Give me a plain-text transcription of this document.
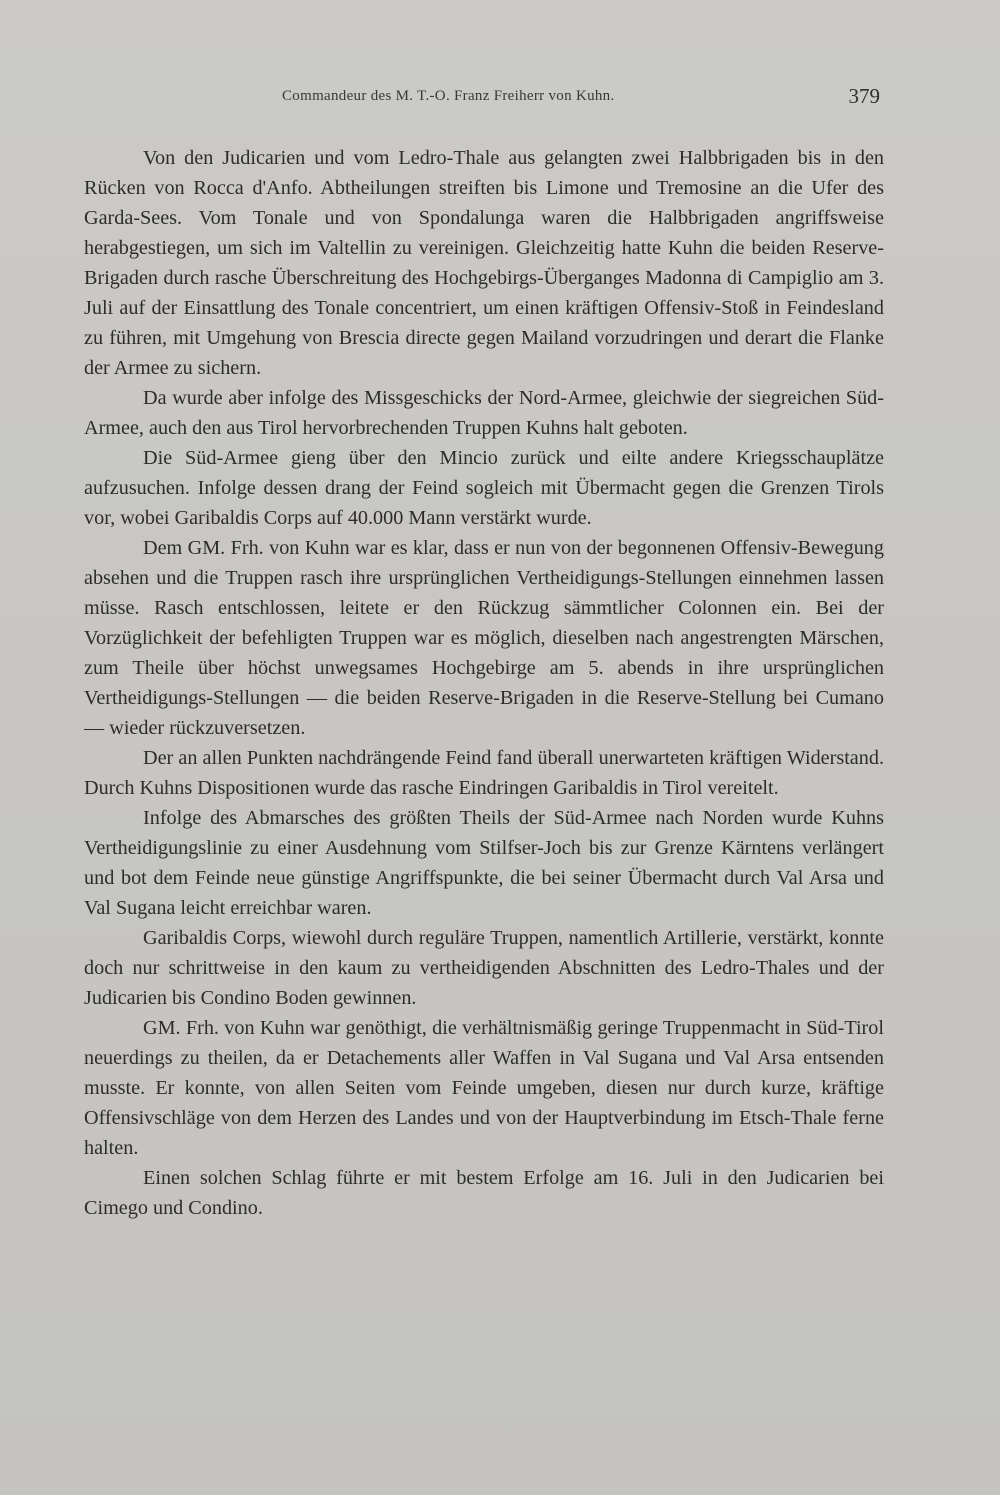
Commandeur des M. T.-O. Franz Freiherr von Kuhn.	379

Von den Judicarien und vom Ledro-Thale aus gelangten zwei Halbbrigaden bis in den Rücken von Rocca d'Anfo. Abtheilungen streiften bis Limone und Tremosine an die Ufer des Garda-Sees. Vom Tonale und von Spondalunga waren die Halbbrigaden angriffsweise herabgestiegen, um sich im Valtellin zu vereinigen. Gleichzeitig hatte Kuhn die beiden Reserve-Brigaden durch rasche Überschreitung des Hochgebirgs-Überganges Madonna di Campiglio am 3. Juli auf der Einsattlung des Tonale concentriert, um einen kräftigen Offensiv-Stoß in Feindesland zu führen, mit Umgehung von Brescia directe gegen Mailand vorzudringen und derart die Flanke der Armee zu sichern.

Da wurde aber infolge des Missgeschicks der Nord-Armee, gleichwie der siegreichen Süd-Armee, auch den aus Tirol hervorbrechenden Truppen Kuhns halt geboten.

Die Süd-Armee gieng über den Mincio zurück und eilte andere Kriegsschauplätze aufzusuchen. Infolge dessen drang der Feind sogleich mit Übermacht gegen die Grenzen Tirols vor, wobei Garibaldis Corps auf 40.000 Mann verstärkt wurde.

Dem GM. Frh. von Kuhn war es klar, dass er nun von der begonnenen Offensiv-Bewegung absehen und die Truppen rasch ihre ursprünglichen Vertheidigungs-Stellungen einnehmen lassen müsse. Rasch entschlossen, leitete er den Rückzug sämmtlicher Colonnen ein. Bei der Vorzüglichkeit der befehligten Truppen war es möglich, dieselben nach angestrengten Märschen, zum Theile über höchst unwegsames Hochgebirge am 5. abends in ihre ursprünglichen Vertheidigungs-Stellungen — die beiden Reserve-Brigaden in die Reserve-Stellung bei Cumano — wieder rückzuversetzen.

Der an allen Punkten nachdrängende Feind fand überall unerwarteten kräftigen Widerstand. Durch Kuhns Dispositionen wurde das rasche Eindringen Garibaldis in Tirol vereitelt.

Infolge des Abmarsches des größten Theils der Süd-Armee nach Norden wurde Kuhns Vertheidigungslinie zu einer Ausdehnung vom Stilfser-Joch bis zur Grenze Kärntens verlängert und bot dem Feinde neue günstige Angriffspunkte, die bei seiner Übermacht durch Val Arsa und Val Sugana leicht erreichbar waren.

Garibaldis Corps, wiewohl durch reguläre Truppen, namentlich Artillerie, verstärkt, konnte doch nur schrittweise in den kaum zu vertheidigenden Abschnitten des Ledro-Thales und der Judicarien bis Condino Boden gewinnen.

GM. Frh. von Kuhn war genöthigt, die verhältnismäßig geringe Truppenmacht in Süd-Tirol neuerdings zu theilen, da er Detachements aller Waffen in Val Sugana und Val Arsa entsenden musste. Er konnte, von allen Seiten vom Feinde umgeben, diesen nur durch kurze, kräftige Offensivschläge von dem Herzen des Landes und von der Hauptverbindung im Etsch-Thale ferne halten.

Einen solchen Schlag führte er mit bestem Erfolge am 16. Juli in den Judicarien bei Cimego und Condino.
